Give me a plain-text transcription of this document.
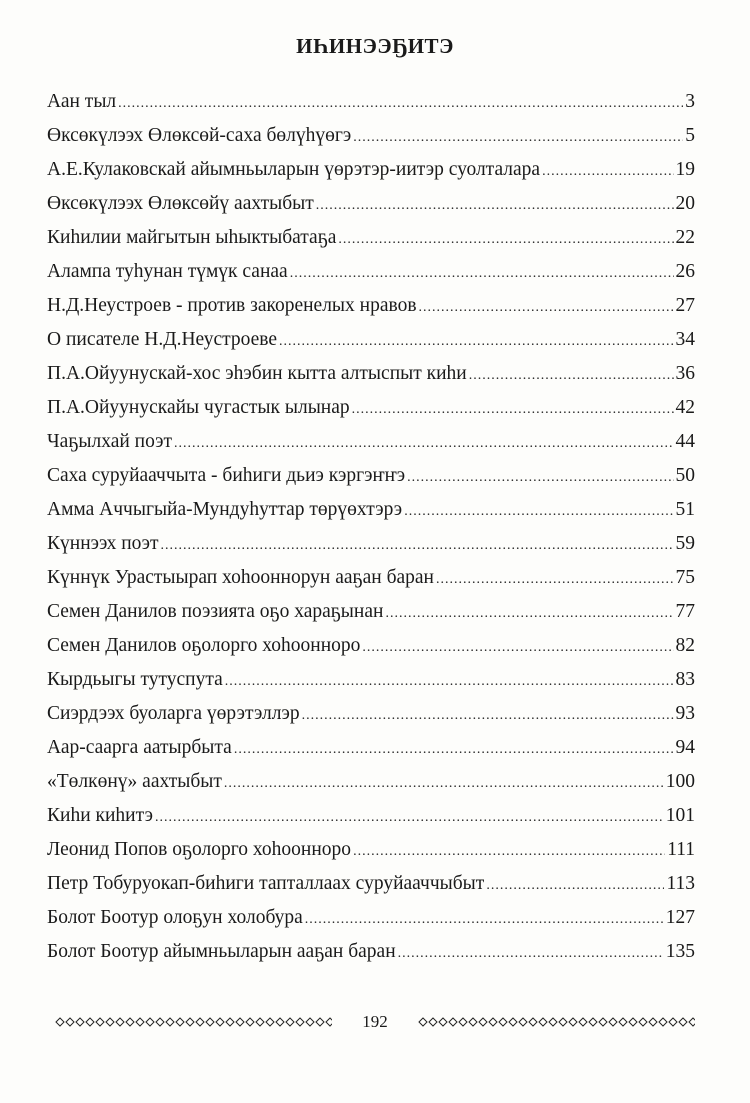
ИҺИНЭЭҔИТЭ
Аан тыл .....	3
Өксөкүлээх Өлөксөй-саха бөлүһүөгэ .....	5
А.Е.Кулаковскай айымньыларын үөрэтэр-иитэр суолталара .....	19
Өксөкүлээх Өлөксөйү аахтыбыт .....	20
Киһилии майгытын ыһыктыбатаҕа .....	22
Алампа туһунан түмүк санаа .....	26
Н.Д.Неустроев - против закоренелых нравов .....	27
О писателе Н.Д.Неустроеве .....	34
П.А.Ойуунускай-хос эһэбин кытта алтыспыт киһи .....	36
П.А.Ойуунускайы чугастык ылынар .....	42
Чаҕылхай поэт .....	44
Саха суруйааччыта - биһиги дьиэ кэргэҥҥэ .....	50
Амма Аччыгыйа-Мундуһуттар төрүөхтэрэ .....	51
Күннээх поэт .....	59
Күннүк Урастыырап хоһооннорун ааҕан баран .....	75
Семен Данилов поэзията оҕо хараҕынан .....	77
Семен Данилов оҕолорго хоһооннoро .....	82
Кырдьыгы тутуспута .....	83
Сиэрдээх буоларга үөрэтэллэр .....	93
Аар-саарга аатырбыта .....	94
«Төлкөнү» аахтыбыт .....	100
Киһи киһитэ .....	101
Леонид Попов оҕолорго хоһооннoро .....	111
Петр Тобуруокап-биһиги тапталлаах суруйааччыбыт .....	113
Болот Боотур олоҕун холобура .....	127
Болот Боотур айымньыларын ааҕан баран .....	135
192
